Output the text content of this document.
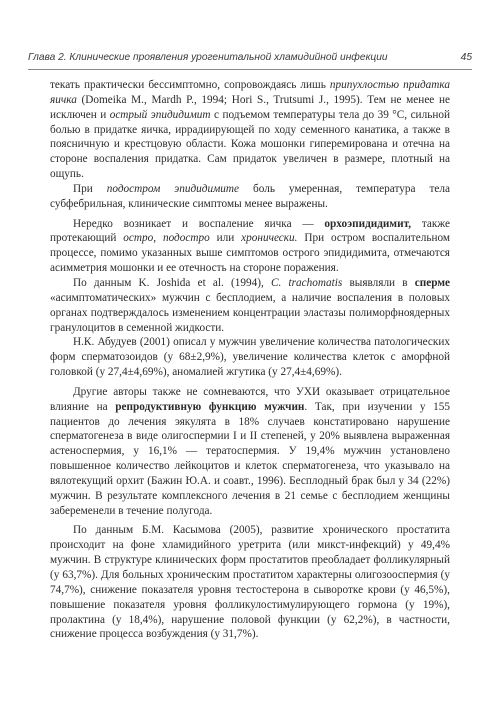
Глава 2. Клинические проявления урогенитальной хламидийной инфекции	45

текать практически бессимптомно, сопровождаясь лишь припухлостью придатка яичка (Domeika M., Mardh P., 1994; Hori S., Trutsumi J., 1995). Тем не менее не исключен и острый эпидидимит с подъемом температуры тела до 39 °C, сильной болью в придатке яичка, иррадиирующей по ходу семенного канатика, а также в поясничную и крестцовую области. Кожа мошонки гиперемирована и отечна на стороне воспаления придатка. Сам придаток увеличен в размере, плотный на ощупь.

При подостром эпидидимите боль умеренная, температура тела субфебрильная, клинические симптомы менее выражены.

Нередко возникает и воспаление яичка — орхоэпидидимит, также протекающий остро, подостро или хронически. При остром воспалительном процессе, помимо указанных выше симптомов острого эпидидимита, отмечаются асимметрия мошонки и ее отечность на стороне поражения.

По данным K. Joshida et al. (1994), C. trachomatis выявляли в сперме «асимптоматических» мужчин с бесплодием, а наличие воспаления в половых органах подтверждалось изменением концентрации эластазы полиморфноядерных гранулоцитов в семенной жидкости.

Н.К. Абудуев (2001) описал у мужчин увеличение количества патологических форм сперматозоидов (у 68±2,9%), увеличение количества клеток с аморфной головкой (у 27,4±4,69%), аномалией жгутика (у 27,4±4,69%).

Другие авторы также не сомневаются, что УХИ оказывает отрицательное влияние на репродуктивную функцию мужчин. Так, при изучении у 155 пациентов до лечения эякулята в 18% случаев констатировано нарушение сперматогенеза в виде олигоспермии I и II степеней, у 20% выявлена выраженная астеноспермия, у 16,1% — тератоспермия. У 19,4% мужчин установлено повышенное количество лейкоцитов и клеток сперматогенеза, что указывало на вялотекущий орхит (Бажин Ю.А. и соавт., 1996). Бесплодный брак был у 34 (22%) мужчин. В результате комплексного лечения в 21 семье с бесплодием женщины забеременели в течение полугода.

По данным Б.М. Касымова (2005), развитие хронического простатита происходит на фоне хламидийного уретрита (или микст-инфекций) у 49,4% мужчин. В структуре клинических форм простатитов преобладает фолликулярный (у 63,7%). Для больных хроническим простатитом характерны олигозооспермия (у 74,7%), снижение показателя уровня тестостерона в сыворотке крови (у 46,5%), повышение показателя уровня фолликулостимулирующего гормона (у 19%), пролактина (у 18,4%), нарушение половой функции (у 62,2%), в частности, снижение процесса возбуждения (у 31,7%).
